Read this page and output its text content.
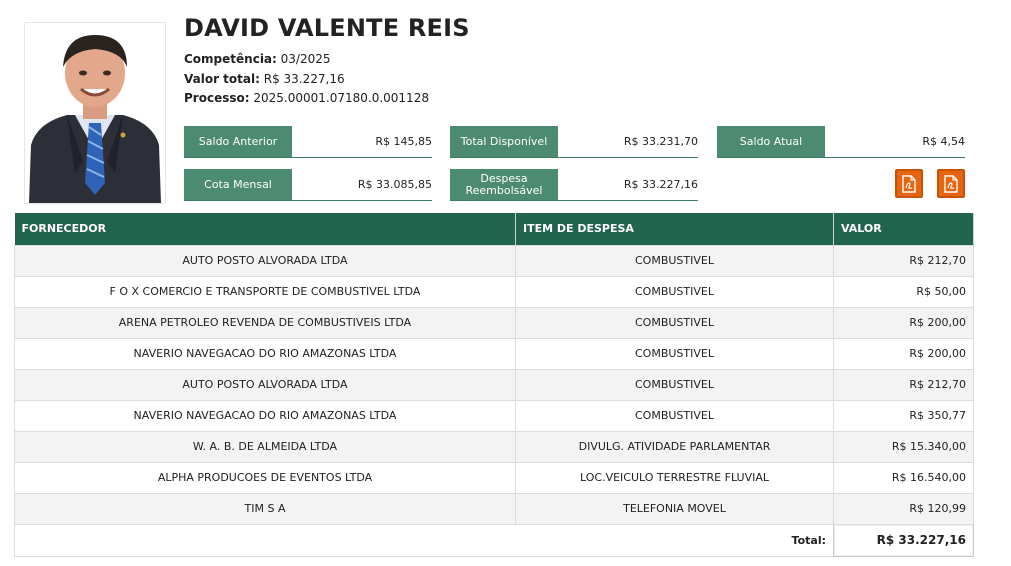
DAVID VALENTE REIS
Competência: 03/2025
Valor total: R$ 33.227,16
Processo: 2025.00001.07180.0.001128
Saldo Anterior	R$ 145,85	Total Disponível	R$ 33.231,70	Saldo Atual	R$ 4,54
Cota Mensal	R$ 33.085,85	Despesa
Reembolsável	R$ 33.227,16
FORNECEDOR	ITEM DE DESPESA	VALOR
AUTO POSTO ALVORADA LTDA	COMBUSTIVEL	R$ 212,70
F O X COMERCIO E TRANSPORTE DE COMBUSTIVEL LTDA	COMBUSTIVEL	R$ 50,00
ARENA PETROLEO REVENDA DE COMBUSTIVEIS LTDA	COMBUSTIVEL	R$ 200,00
NAVERIO NAVEGACAO DO RIO AMAZONAS LTDA	COMBUSTIVEL	R$ 200,00
AUTO POSTO ALVORADA LTDA	COMBUSTIVEL	R$ 212,70
NAVERIO NAVEGACAO DO RIO AMAZONAS LTDA	COMBUSTIVEL	R$ 350,77
W. A. B. DE ALMEIDA LTDA	DIVULG. ATIVIDADE PARLAMENTAR	R$ 15.340,00
ALPHA PRODUCOES DE EVENTOS LTDA	LOC.VEICULO TERRESTRE FLUVIAL	R$ 16.540,00
TIM S A	TELEFONIA MOVEL	R$ 120,99
Total:		R$ 33.227,16
